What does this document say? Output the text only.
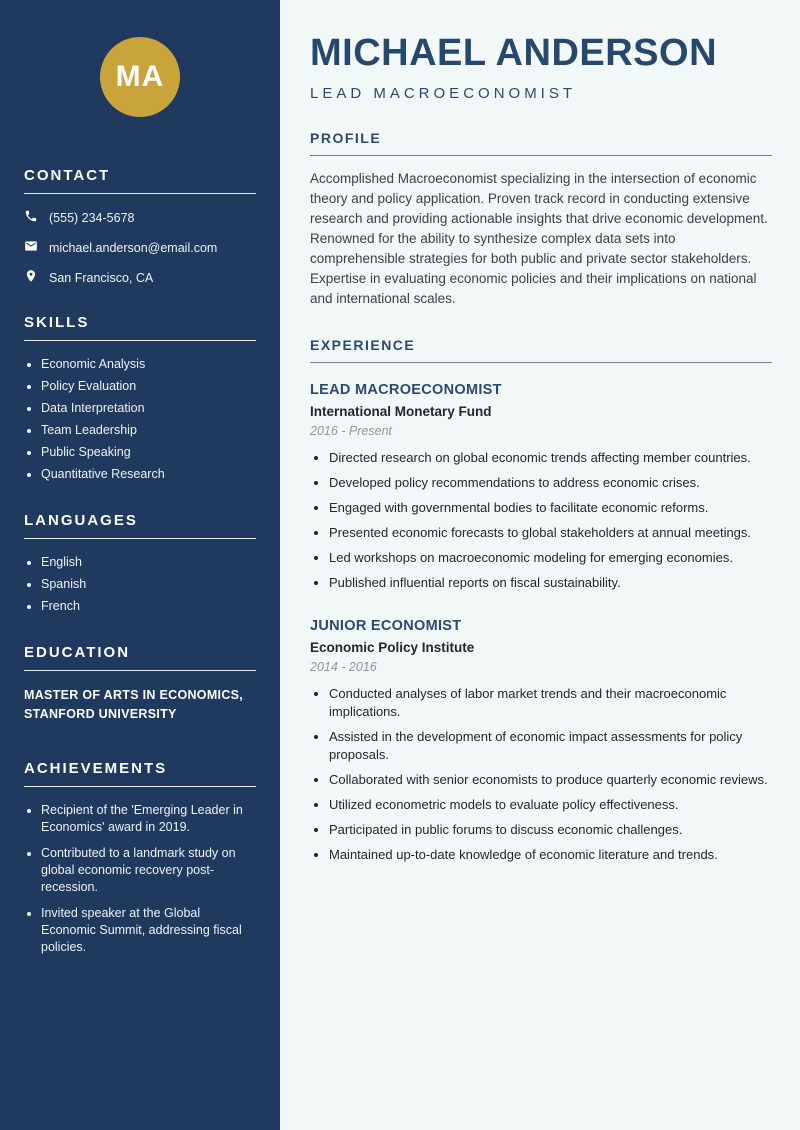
MA
CONTACT
(555) 234-5678
michael.anderson@email.com
San Francisco, CA
SKILLS
• Economic Analysis
• Policy Evaluation
• Data Interpretation
• Team Leadership
• Public Speaking
• Quantitative Research
LANGUAGES
• English
• Spanish
• French
EDUCATION

MASTER OF ARTS IN ECONOMICS, STANFORD UNIVERSITY

ACHIEVEMENTS
• Recipient of the 'Emerging Leader in Economics' award in 2019.
• Contributed to a landmark study on global economic recovery post-recession.
• Invited speaker at the Global Economic Summit, addressing fiscal policies.
MICHAEL ANDERSON
LEAD MACROECONOMIST
PROFILE

Accomplished Macroeconomist specializing in the intersection of economic theory and policy application. Proven track record in conducting extensive research and providing actionable insights that drive economic development. Renowned for the ability to synthesize complex data sets into comprehensible strategies for both public and private sector stakeholders. Expertise in evaluating economic policies and their implications on national and international scales.

EXPERIENCE
LEAD MACROECONOMIST
International Monetary Fund
2016 - Present
• Directed research on global economic trends affecting member countries.
• Developed policy recommendations to address economic crises.
• Engaged with governmental bodies to facilitate economic reforms.
• Presented economic forecasts to global stakeholders at annual meetings.
• Led workshops on macroeconomic modeling for emerging economies.
• Published influential reports on fiscal sustainability.
JUNIOR ECONOMIST
Economic Policy Institute
2014 - 2016
• Conducted analyses of labor market trends and their macroeconomic implications.
• Assisted in the development of economic impact assessments for policy proposals.
• Collaborated with senior economists to produce quarterly economic reviews.
• Utilized econometric models to evaluate policy effectiveness.
• Participated in public forums to discuss economic challenges.
• Maintained up-to-date knowledge of economic literature and trends.
